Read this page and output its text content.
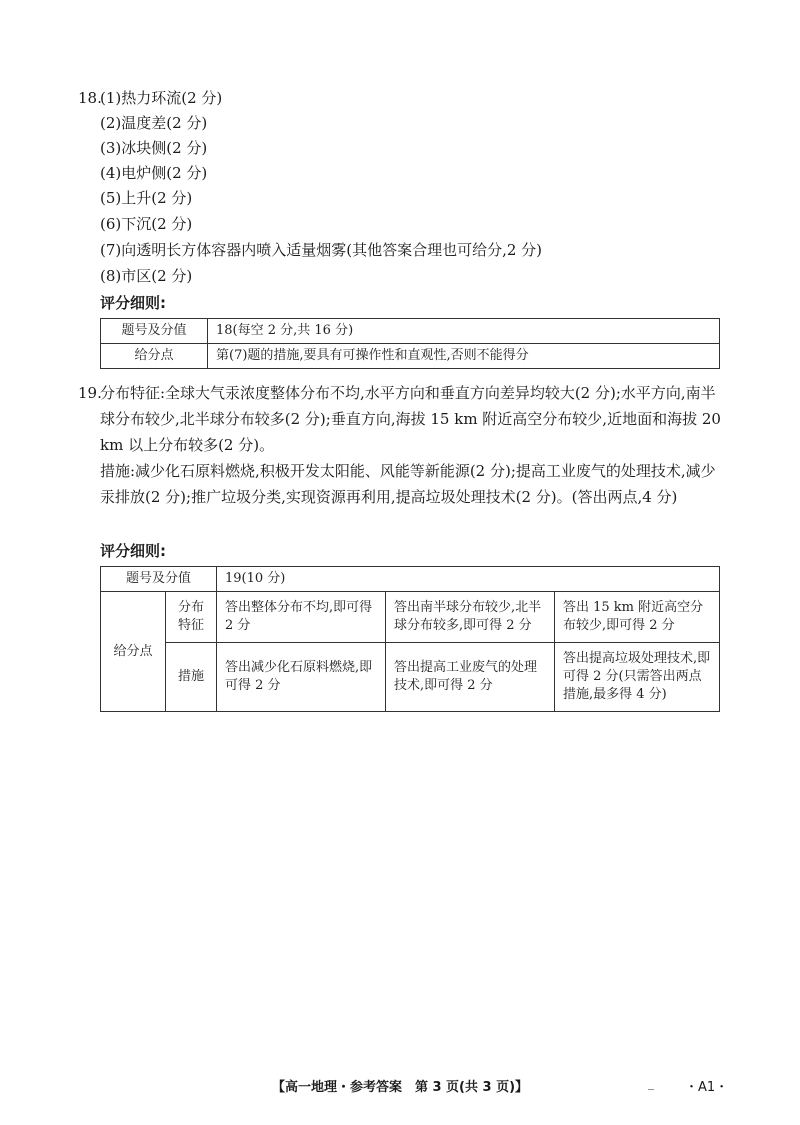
18.
(1)热力环流(2 分)
(2)温度差(2 分)
(3)冰块侧(2 分)
(4)电炉侧(2 分)
(5)上升(2 分)
(6)下沉(2 分)
(7)向透明长方体容器内喷入适量烟雾(其他答案合理也可给分,2 分)
(8)市区(2 分)
评分细则:
题号及分值	18(每空 2 分,共 16 分)
给分点	第(7)题的措施,要具有可操作性和直观性,否则不能得分

19.
分布特征:全球大气汞浓度整体分布不均,水平方向和垂直方向差异均较大(2 分);水平方向,南半球分布较少,北半球分布较多(2 分);垂直方向,海拔 15 km 附近高空分布较少,近地面和海拔 20 km 以上分布较多(2 分)。

措施:减少化石原料燃烧,积极开发太阳能、风能等新能源(2 分);提高工业废气的处理技术,减少汞排放(2 分);推广垃圾分类,实现资源再利用,提高垃圾处理技术(2 分)。(答出两点,4 分)

评分细则:
题号及分值		19(10 分)		
给分点	分布特征	答出整体分布不均,即可得 2 分	答出南半球分布较少,北半球分布较多,即可得 2 分	答出 15 km 附近高空分布较少,即可得 2 分
	措施	答出减少化石原料燃烧,即可得 2 分	答出提高工业废气的处理技术,即可得 2 分	答出提高垃圾处理技术,即可得 2 分(只需答出两点措施,最多得 4 分)
【高一地理・参考答案　第 3 页(共 3 页)】	_ ・A1・
